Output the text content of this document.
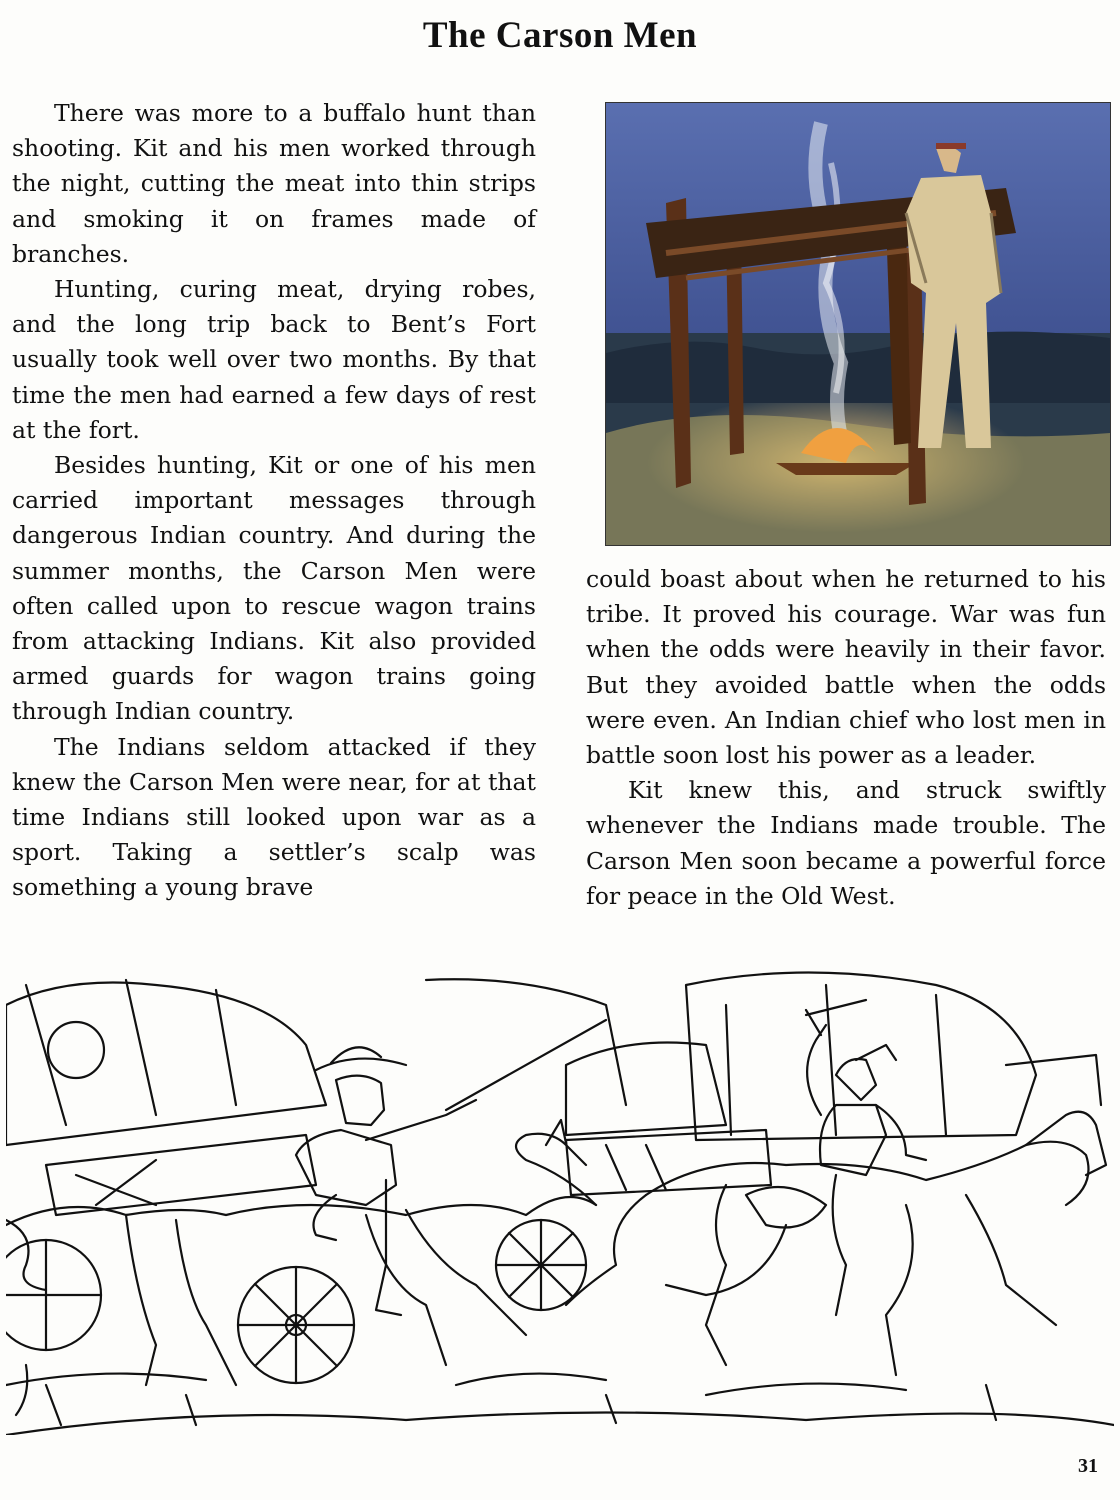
The Carson Men

There was more to a buffalo hunt than shooting. Kit and his men worked through the night, cutting the meat into thin strips and smoking it on frames made of branches.

Hunting, curing meat, drying robes, and the long trip back to Bent’s Fort usually took well over two months. By that time the men had earned a few days of rest at the fort.

Besides hunting, Kit or one of his men carried important messages through dangerous Indian country. And during the summer months, the Carson Men were often called upon to rescue wagon trains from attacking Indians. Kit also provided armed guards for wagon trains going through Indian country.

The Indians seldom attacked if they knew the Carson Men were near, for at that time Indians still looked upon war as a sport. Taking a settler’s scalp was something a young brave

could boast about when he returned to his tribe. It proved his courage. War was fun when the odds were heavily in their favor. But they avoided battle when the odds were even. An Indian chief who lost men in battle soon lost his power as a leader.

Kit knew this, and struck swiftly whenever the Indians made trouble. The Carson Men soon became a powerful force for peace in the Old West.

31
